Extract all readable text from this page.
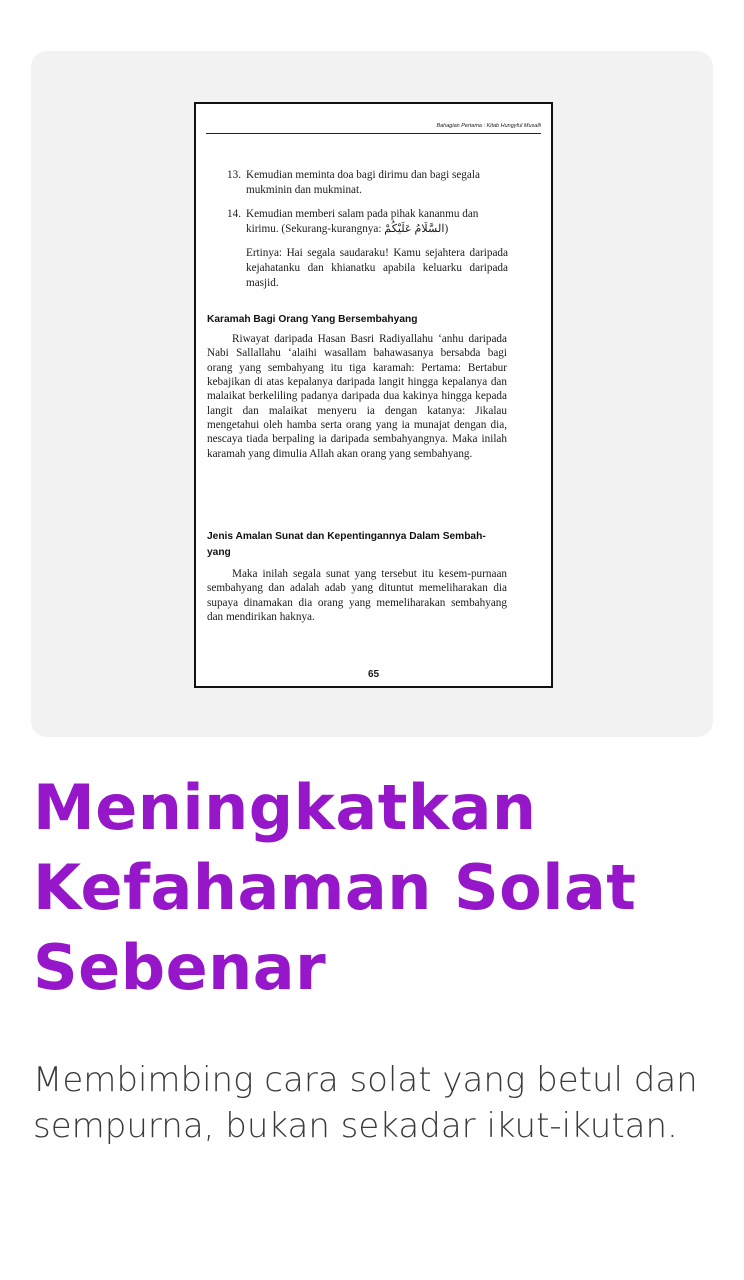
Bahagian Pertama : Kitab Hungyful Musalli
13. Kemudian meminta doa bagi dirimu dan bagi segala mukminin dan mukminat.
14. Kemudian memberi salam pada pihak kananmu dan kirimu. (Sekurang-kurangnya: السَّلَامُ عَلَيْكُمْ)
Ertinya: Hai segala saudaraku! Kamu sejahtera daripada kejahatanku dan khianatku apabila keluarku daripada masjid.
Karamah Bagi Orang Yang Bersembahyang
Riwayat daripada Hasan Basri Radiyallahu ‘anhu daripada Nabi Sallallahu ‘alaihi wasallam bahawasanya bersabda bagi orang yang sembahyang itu tiga karamah: Pertama: Bertabur kebajikan di atas kepalanya daripada langit hingga kepalanya dan malaikat berkeliling padanya daripada dua kakinya hingga kepada langit dan malaikat menyeru ia dengan katanya: Jikalau mengetahui oleh hamba serta orang yang ia munajat dengan dia, nescaya tiada berpaling ia daripada sembahyangnya. Maka inilah karamah yang dimulia Allah akan orang yang sembahyang.
Jenis Amalan Sunat dan Kepentingannya Dalam Sembah-yang
Maka inilah segala sunat yang tersebut itu kesem-purnaan sembahyang dan adalah adab yang dituntut memeliharakan dia supaya dinamakan dia orang yang memeliharakan sembahyang dan mendirikan haknya.
65
Meningkatkan Kefahaman Solat Sebenar
Membimbing cara solat yang betul dan sempurna, bukan sekadar ikut-ikutan.
